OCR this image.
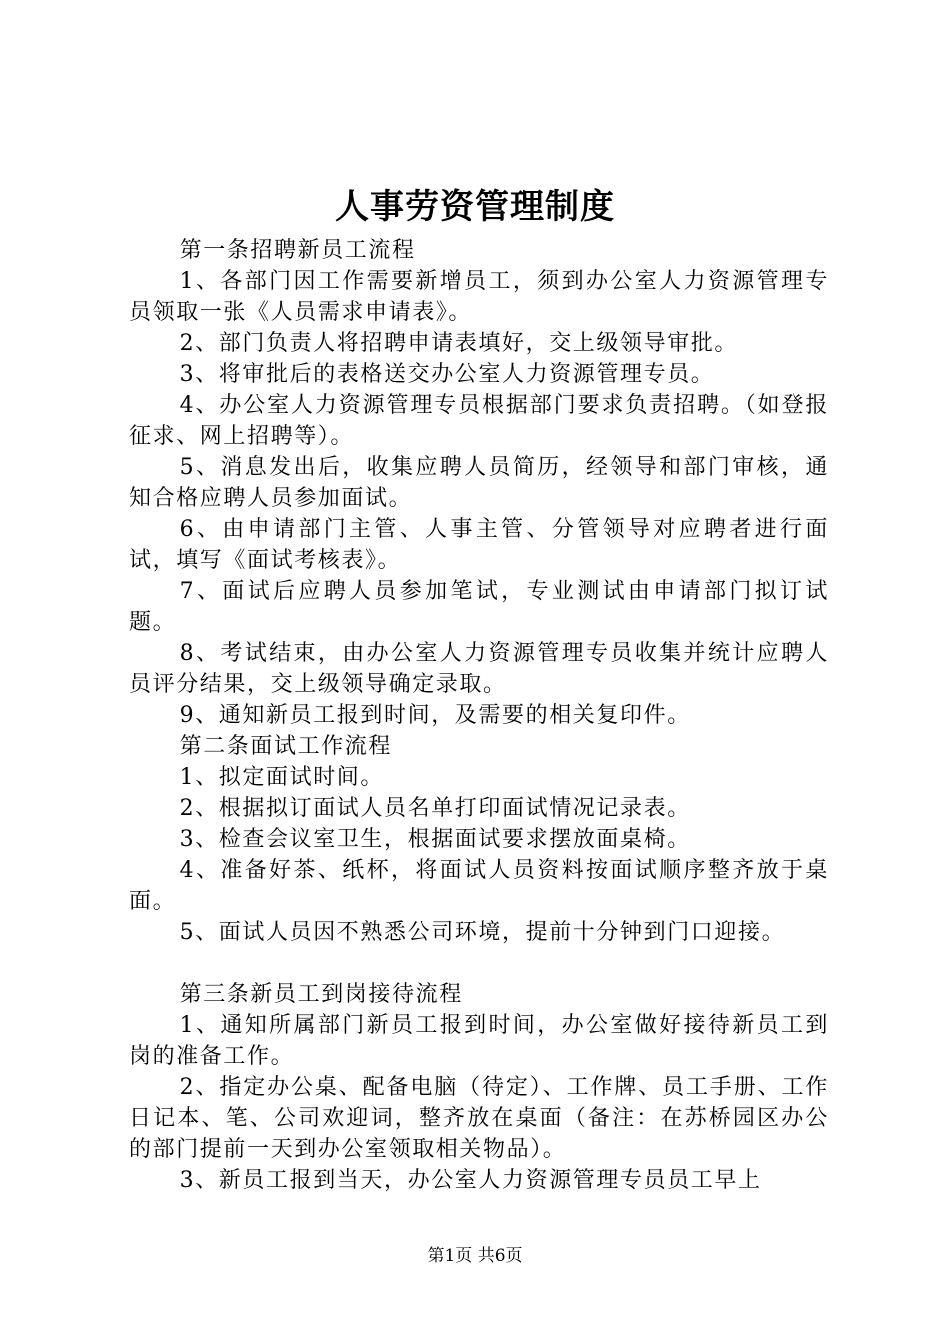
人事劳资管理制度

第一条招聘新员工流程

1、各部门因工作需要新增员工，须到办公室人力资源管理专员领取一张《人员需求申请表》。

2、部门负责人将招聘申请表填好，交上级领导审批。

3、将审批后的表格送交办公室人力资源管理专员。

4、办公室人力资源管理专员根据部门要求负责招聘。（如登报征求、网上招聘等）。

5、消息发出后，收集应聘人员简历，经领导和部门审核，通知合格应聘人员参加面试。

6、由申请部门主管、人事主管、分管领导对应聘者进行面试，填写《面试考核表》。

7、面试后应聘人员参加笔试，专业测试由申请部门拟订试题。

8、考试结束，由办公室人力资源管理专员收集并统计应聘人员评分结果，交上级领导确定录取。

9、通知新员工报到时间，及需要的相关复印件。

第二条面试工作流程

1、拟定面试时间。

2、根据拟订面试人员名单打印面试情况记录表。

3、检查会议室卫生，根据面试要求摆放面桌椅。

4、准备好茶、纸杯，将面试人员资料按面试顺序整齐放于桌面。

5、面试人员因不熟悉公司环境，提前十分钟到门口迎接。

第三条新员工到岗接待流程

1、通知所属部门新员工报到时间，办公室做好接待新员工到岗的准备工作。

2、指定办公桌、配备电脑（待定）、工作牌、员工手册、工作日记本、笔、公司欢迎词，整齐放在桌面（备注：在苏桥园区办公的部门提前一天到办公室领取相关物品）。

3、新员工报到当天，办公室人力资源管理专员员工早上

第1页 共6页
